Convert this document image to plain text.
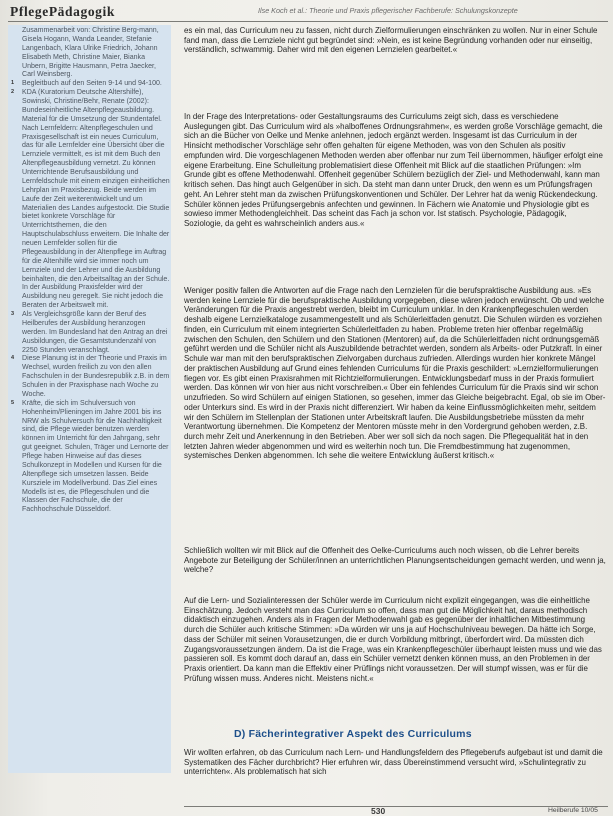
PflegePädagogik	Ilse Koch et al.: Theorie und Praxis pflegerischer Fachberufe: Schulungskonzepte
Zusammenarbeit von: Christine Berg-mann, Gisela Hogann, Wanda Leander, Stefanie Langenbach, Klara Ulrike Friedrich, Johann Elisabeth Meth, Christine Maier, Bianka Unbern, Brigitte Hausmann, Petra Jaecker, Carl Weinsberg.
1 Begleitbuch auf den Seiten 9-14 und 94-100.
2 KDA (Kuratorium Deutsche Altershilfe), Sowinski, Christine/Behr, Renate (2002): Bundeseinheitliche Altenpflegeausbildung. Material für die Umsetzung der Stundentafel. Nach Lernfeldern: Altenpflegeschulen und Praxisgesellschaft ist ein neues Curriculum, das für alle Lernfelder eine Übersicht über die Lernziele vermittelt, es ist mit dem Buch den Altenpflegeausbildung vernetzt. Zu können Unterrichtende Berufsausbildung und Lernfeldschule mit einem einzigen einheitlichen Lehrplan im Praxisbezug. Beide werden im Laufe der Zeit weiterentwickelt und um Materialien des Landes aufgestockt. Die Studie bietet konkrete Vorschläge für Unterrichtsthemen, die den Hauptschulabschluss erweitern. Die Inhalte der neuen Lernfelder sollen für die Pflegeausbildung in der Altenpflege im Auftrag für die Altenhilfe wird sie immer noch um Lernziele und der Lehrer und die Ausbildung beinhalten, die den Arbeitsalltag an der Schule. In der Ausbildung Praxisfelder wird der Ausbildung neu geregelt. Sie nicht jedoch die Beraten der Arbeitswelt mit.
3 Als Vergleichsgröße kann der Beruf des Heilberufes der Ausbildung heranzogen werden. Im Bundesland hat den Antrag an drei Ausbildungen, die Gesamtstundenzahl von 2250 Stunden veranschlagt.
4 Diese Planung ist in der Theorie und Praxis im Wechsel, wurden freilich zu von den allen Fachschulen in der Bundesrepublik z.B. in dem Schulen in der Praxisphase nach Woche zu Woche.
5 Kräfte, die sich im Schulversuch von Hohenheim/Plieningen im Jahre 2001 bis ins NRW als Schulversuch für die Nachhaltigkeit sind, die Pflege wieder benutzen werden können im Unterricht für den Jahrgang, sehr gut geeignet. Schulen, Träger und Lernorte der Pflege haben Hinweise auf das dieses Schulkonzept in Modellen und Kursen für die Altenpflege sich umsetzen lassen. Beide Kursziele im Modellverbund. Das Ziel eines Modells ist es, die Pflegeschulen und die Klassen der Fachschule, die der Fachhochschule Düsseldorf.

es ein mal, das Curriculum neu zu fassen, nicht durch Zielformulierungen einschränken zu wollen. Nur in einer Schule fand man, dass die Lernziele nicht gut begründet sind: »Nein, es ist keine Begründung vorhanden oder nur einseitig, verständlich, schwammig. Daher wird mit den eigenen Lernzielen gearbeitet.«

In der Frage des Interpretations- oder Gestaltungsraums des Curriculums zeigt sich, dass es verschiedene Auslegungen gibt. Das Curriculum wird als »halboffenes Ordnungsrahmen«, es werden große Vorschläge gemacht, die sich an die Bücher von Oelke und Menke anlehnen, jedoch ergänzt werden. Insgesamt ist das Curriculum in der Hinsicht methodischer Vorschläge sehr offen gehalten für eigene Methoden, was von den Schulen als positiv empfunden wird. Die vorgeschlagenen Methoden werden aber offenbar nur zum Teil übernommen, häufiger erfolgt eine eigene Erarbeitung. Eine Schulleitung problematisiert diese Offenheit mit Blick auf die staatlichen Prüfungen: »Im Grunde gibt es offene Methodenwahl. Offenheit gegenüber Schülern bezüglich der Ziel- und Methodenwahl, kann man kritisch sehen. Das hingt auch Gelgenüber in sich. Da steht man dann unter Druck, den wenn es um Prüfungsfragen geht. An Lehrer steht man da zwischen Prüfungskonventionen und Schüler. Der Lehrer hat da wenig Rückendeckung. Schüler können jedes Prüfungsergebnis anfechten und gewinnen. In Fächern wie Anatomie und Physiologie gibt es sowieso immer Methodengleichheit. Das scheint das Fach ja schon vor. Ist statisch. Psychologie, Pädagogik, Soziologie, da geht es wahrscheinlich anders aus.«

Weniger positiv fallen die Antworten auf die Frage nach den Lernzielen für die berufspraktische Ausbildung aus. »Es werden keine Lernziele für die berufspraktische Ausbildung vorgegeben, diese wären jedoch erwünscht. Ob und welche Veränderungen für die Praxis angestrebt werden, bleibt im Curriculum unklar. In den Krankenpflegeschulen werden deshalb eigene Lernzielkataloge zusammengestellt und als Schülerleitfaden genutzt. Die Schulen würden es vorziehen finden, ein Curriculum mit einem integrierten Schülerleitfaden zu haben. Probleme treten hier offenbar regelmäßig zwischen den Schulen, den Schülern und den Stationen (Mentoren) auf, da die Schülerleitfaden nicht ordnungsgemäß geführt werden und die Schüler nicht als Auszubildende betrachtet werden, sondern als Arbeits- oder Putzkraft. In einer Schule war man mit den berufspraktischen Zielvorgaben durchaus zufrieden. Allerdings wurden hier konkrete Mängel der praktischen Ausbildung auf Grund eines fehlenden Curriculums für die Praxis geschildert: »Lernzielformulierungen fiegen vor. Es gibt einen Praxisrahmen mit Richtzielformulierungen. Entwicklungsbedarf muss in der Praxis formuliert werden. Das können wir von hier aus nicht vorschreiben.« Über ein fehlendes Curriculum für die Praxis sind wir schon unzufrieden. So wird Schülern auf einigen Stationen, so gesehen, immer das Gleiche beigebracht. Egal, ob sie im Ober- oder Unterkurs sind. Es wird in der Praxis nicht differenziert. Wir haben da keine Einflussmöglichkeiten mehr, seitdem wir den Schülern im Stellenplan der Stationen unter Arbeitskraft laufen. Die Ausbildungsbetriebe müssten da mehr Verantwortung übernehmen. Die Kompetenz der Mentoren müsste mehr in den Vordergrund gehoben werden, z.B. durch mehr Zeit und Anerkennung in den Betrieben. Aber wer soll sich da noch sagen. Die Pflegequalität hat in den letzten Jahren wieder abgenommen und wird es weiterhin noch tun. Die Fremdbestimmung hat zugenommen, systemisches Denken abgenommen. Ich sehe die weitere Entwicklung äußerst kritisch.«

Schließlich wollten wir mit Blick auf die Offenheit des Oelke-Curriculums auch noch wissen, ob die Lehrer bereits Angebote zur Beteiligung der Schüler/innen an unterrichtlichen Planungsentscheidungen gemacht werden, und wenn ja, welche?

Auf die Lern- und Sozialinteressen der Schüler werde im Curriculum nicht explizit eingegangen, was die einheitliche Einschätzung. Jedoch versteht man das Curriculum so offen, dass man gut die Möglichkeit hat, daraus methodisch didaktisch einzugehen. Anders als in Fragen der Methodenwahl gab es gegenüber der inhaltlichen Mitbestimmung durch die Schüler auch kritische Stimmen: »Da würden wir uns ja auf Hochschulniveau bewegen. Da hätte ich Sorge, dass der Schüler mit seinen Vorausetzungen, die er durch Vorbildung mitbringt, überfordert wird. Da müssten dich Zugangsvoraussetzungen ändern. Da ist die Frage, was ein Krankenpflegeschüler überhaupt leisten muss und wie das passieren soll. Es kommt doch darauf an, dass ein Schüler vernetzt denken können muss, an den Problemen in der Praxis orientiert. Da kann man die Effektiv einer Prüflings nicht voraussetzen. Der will stumpf wissen, was er für die Prüfung wissen muss. Anderes nicht. Meistens nicht.«

D) Fächerintegrativer Aspekt des Curriculums

Wir wollten erfahren, ob das Curriculum nach Lern- und Handlungsfeldern des Pflegeberufs aufgebaut ist und damit die Systematiken des Fächer durchbricht? Hier erfuhren wir, dass Übereinstimmend versucht wird, »Schulintegrativ zu unterrichten«. Als problematisch hat sich

530	Heilberufe 10/05
